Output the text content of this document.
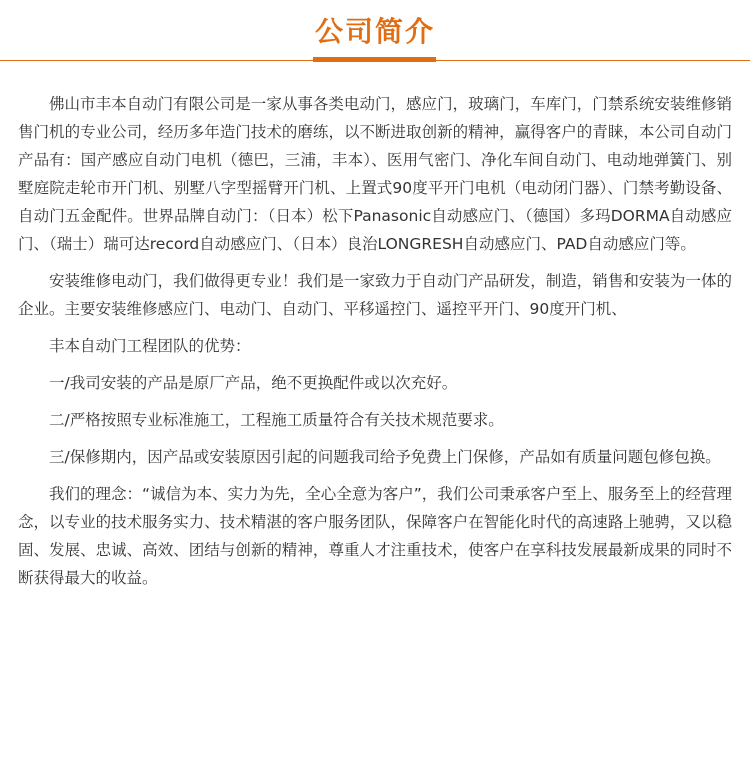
公司简介

佛山市丰本自动门有限公司是一家从事各类电动门，感应门，玻璃门，车库门，门禁系统安装维修销售门机的专业公司，经历多年造门技术的磨练，以不断进取创新的精神，赢得客户的青睐，本公司自动门产品有：国产感应自动门电机（德巴，三浦，丰本）、医用气密门、净化车间自动门、电动地弹簧门、别墅庭院走轮市开门机、别墅八字型摇臂开门机、上置式90度平开门电机（电动闭门器）、门禁考勤设备、自动门五金配件。世界品牌自动门：（日本）松下Panasonic自动感应门、（德国）多玛DORMA自动感应门、（瑞士）瑞可达record自动感应门、（日本）良治LONGRESH自动感应门、PAD自动感应门等。

安装维修电动门，我们做得更专业！我们是一家致力于自动门产品研发，制造，销售和安装为一体的企业。主要安装维修感应门、电动门、自动门、平移遥控门、遥控平开门、90度开门机、

丰本自动门工程团队的优势：

一/我司安装的产品是原厂产品，绝不更换配件或以次充好。

二/严格按照专业标准施工，工程施工质量符合有关技术规范要求。

三/保修期内，因产品或安装原因引起的问题我司给予免费上门保修，产品如有质量问题包修包换。

我们的理念：“诚信为本、实力为先，全心全意为客户”，我们公司秉承客户至上、服务至上的经营理念，以专业的技术服务实力、技术精湛的客户服务团队，保障客户在智能化时代的高速路上驰骋，又以稳固、发展、忠诚、高效、团结与创新的精神，尊重人才注重技术，使客户在享科技发展最新成果的同时不断获得最大的收益。
